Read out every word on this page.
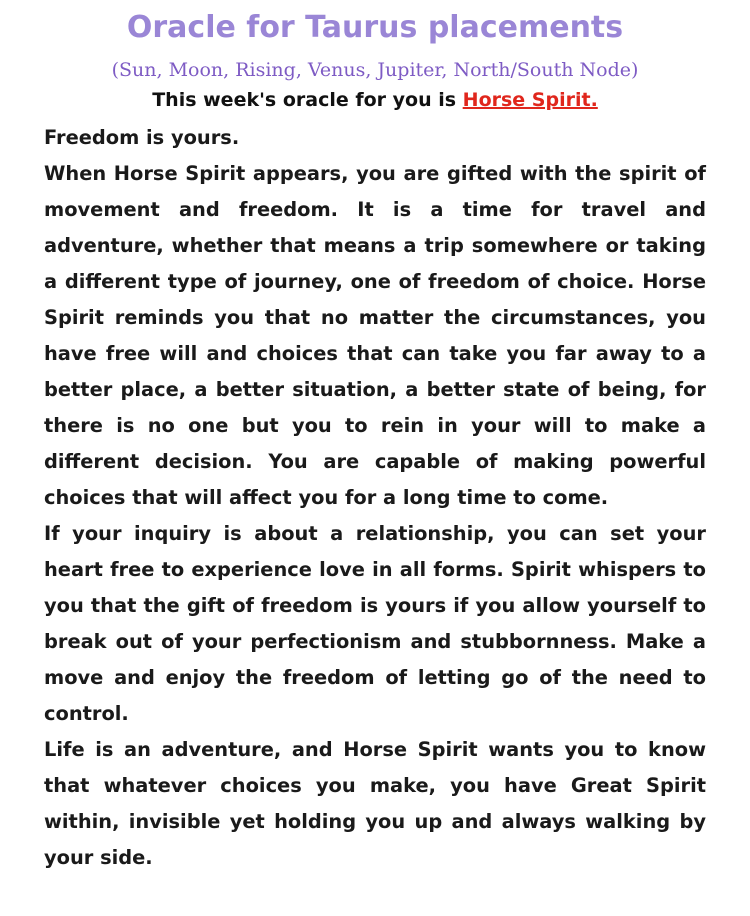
Oracle for Taurus placements
(Sun, Moon, Rising, Venus, Jupiter, North/South Node)
This week's oracle for you is Horse Spirit.

Freedom is yours.

When Horse Spirit appears, you are gifted with the spirit of movement and freedom. It is a time for travel and adventure, whether that means a trip somewhere or taking a different type of journey, one of freedom of choice. Horse Spirit reminds you that no matter the circumstances, you have free will and choices that can take you far away to a better place, a better situation, a better state of being, for there is no one but you to rein in your will to make a different decision. You are capable of making powerful choices that will affect you for a long time to come.

If your inquiry is about a relationship, you can set your heart free to experience love in all forms. Spirit whispers to you that the gift of freedom is yours if you allow yourself to break out of your perfectionism and stubbornness. Make a move and enjoy the freedom of letting go of the need to control.

Life is an adventure, and Horse Spirit wants you to know that whatever choices you make, you have Great Spirit within, invisible yet holding you up and always walking by your side.
